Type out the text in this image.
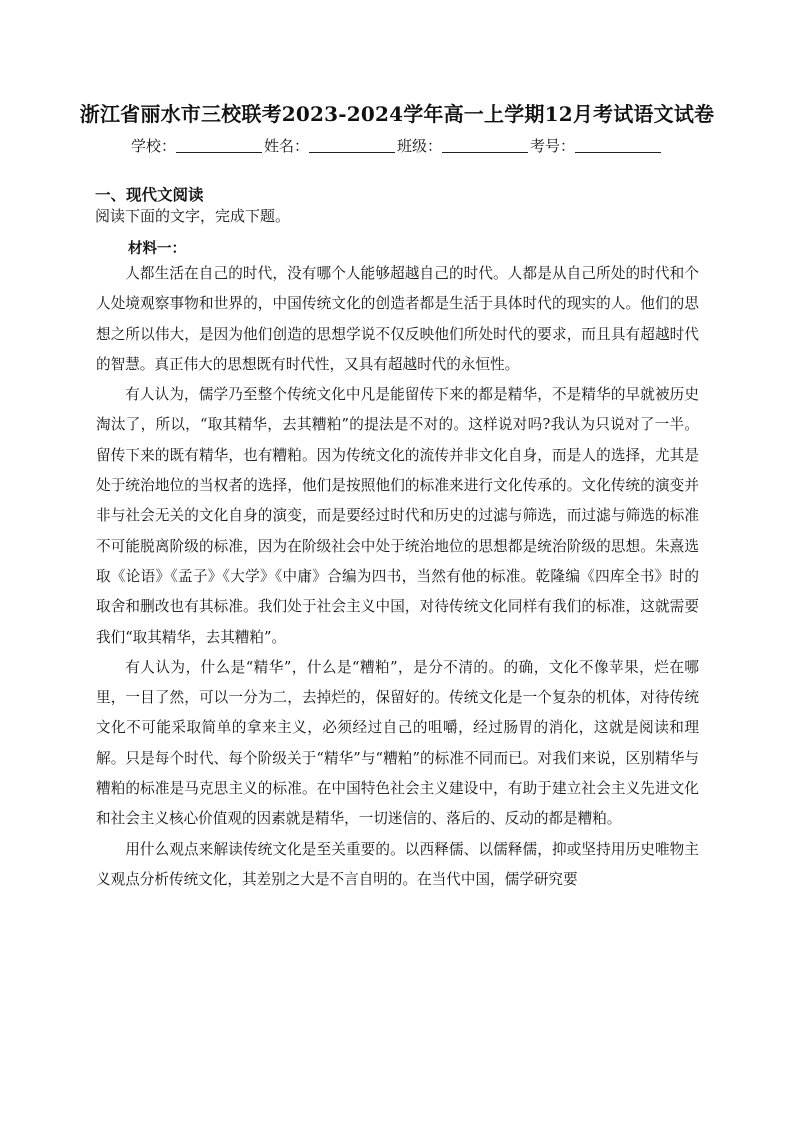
浙江省丽水市三校联考2023-2024学年高一上学期12月考试语文试卷
学校：	姓名：	班级：	考号：
一、现代文阅读
阅读下面的文字，完成下题。
材料一：

人都生活在自己的时代，没有哪个人能够超越自己的时代。人都是从自己所处的时代和个人处境观察事物和世界的，中国传统文化的创造者都是生活于具体时代的现实的人。他们的思想之所以伟大，是因为他们创造的思想学说不仅反映他们所处时代的要求，而且具有超越时代的智慧。真正伟大的思想既有时代性，又具有超越时代的永恒性。

有人认为，儒学乃至整个传统文化中凡是能留传下来的都是精华，不是精华的早就被历史淘汰了，所以，“取其精华，去其糟粕”的提法是不对的。这样说对吗?我认为只说对了一半。留传下来的既有精华，也有糟粕。因为传统文化的流传并非文化自身，而是人的选择，尤其是处于统治地位的当权者的选择，他们是按照他们的标准来进行文化传承的。文化传统的演变并非与社会无关的文化自身的演变，而是要经过时代和历史的过滤与筛选，而过滤与筛选的标准不可能脱离阶级的标准，因为在阶级社会中处于统治地位的思想都是统治阶级的思想。朱熹选取《论语》《孟子》《大学》《中庸》合编为四书，当然有他的标准。乾隆编《四库全书》时的取舍和删改也有其标准。我们处于社会主义中国，对待传统文化同样有我们的标准，这就需要我们“取其精华，去其糟粕”。

有人认为，什么是“精华”，什么是“糟粕”，是分不清的。的确，文化不像苹果，烂在哪里，一目了然，可以一分为二，去掉烂的，保留好的。传统文化是一个复杂的机体，对待传统文化不可能采取简单的拿来主义，必须经过自己的咀嚼，经过肠胃的消化，这就是阅读和理解。只是每个时代、每个阶级关于“精华”与“糟粕”的标准不同而已。对我们来说，区别精华与糟粕的标准是马克思主义的标准。在中国特色社会主义建设中，有助于建立社会主义先进文化和社会主义核心价值观的因素就是精华，一切迷信的、落后的、反动的都是糟粕。

用什么观点来解读传统文化是至关重要的。以西释儒、以儒释儒，抑或坚持用历史唯物主义观点分析传统文化，其差别之大是不言自明的。在当代中国，儒学研究要
